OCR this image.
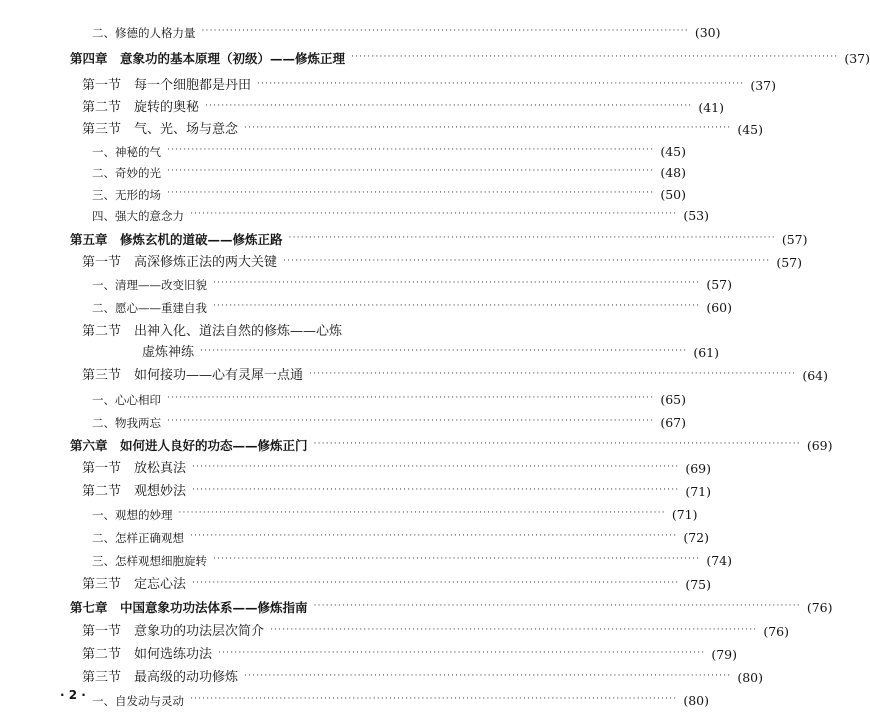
二、修德的人格力量 ························································································································ (30)
第四章　意象功的基本原理（初级）——修炼正理 ························································································································ (37)
第一节　每一个细胞都是丹田 ························································································································ (37)
第二节　旋转的奥秘 ························································································································ (41)
第三节　气、光、场与意念 ························································································································ (45)
一、神秘的气 ························································································································ (45)
二、奇妙的光 ························································································································ (48)
三、无形的场 ························································································································ (50)
四、强大的意念力 ························································································································ (53)
第五章　修炼玄机的道破——修炼正路 ························································································································ (57)
第一节　高深修炼正法的两大关键 ························································································································ (57)
一、清理——改变旧貌 ························································································································ (57)
二、愿心——重建自我 ························································································································ (60)
第二节　出神入化、道法自然的修炼——心炼
虚炼神练 ························································································································ (61)
第三节　如何接功——心有灵犀一点通 ························································································································ (64)
一、心心相印 ························································································································ (65)
二、物我两忘 ························································································································ (67)
第六章　如何进人良好的功态——修炼正门 ························································································································ (69)
第一节　放松真法 ························································································································ (69)
第二节　观想妙法 ························································································································ (71)
一、观想的妙理 ························································································································ (71)
二、怎样正确观想 ························································································································ (72)
三、怎样观想细胞旋转 ························································································································ (74)
第三节　定忘心法 ························································································································ (75)
第七章　中国意象功功法体系——修炼指南 ························································································································ (76)
第一节　意象功的功法层次简介 ························································································································ (76)
第二节　如何选练功法 ························································································································ (79)
第三节　最高级的动功修炼 ························································································································ (80)
一、自发动与灵动 ························································································································ (80)
· 2 ·
